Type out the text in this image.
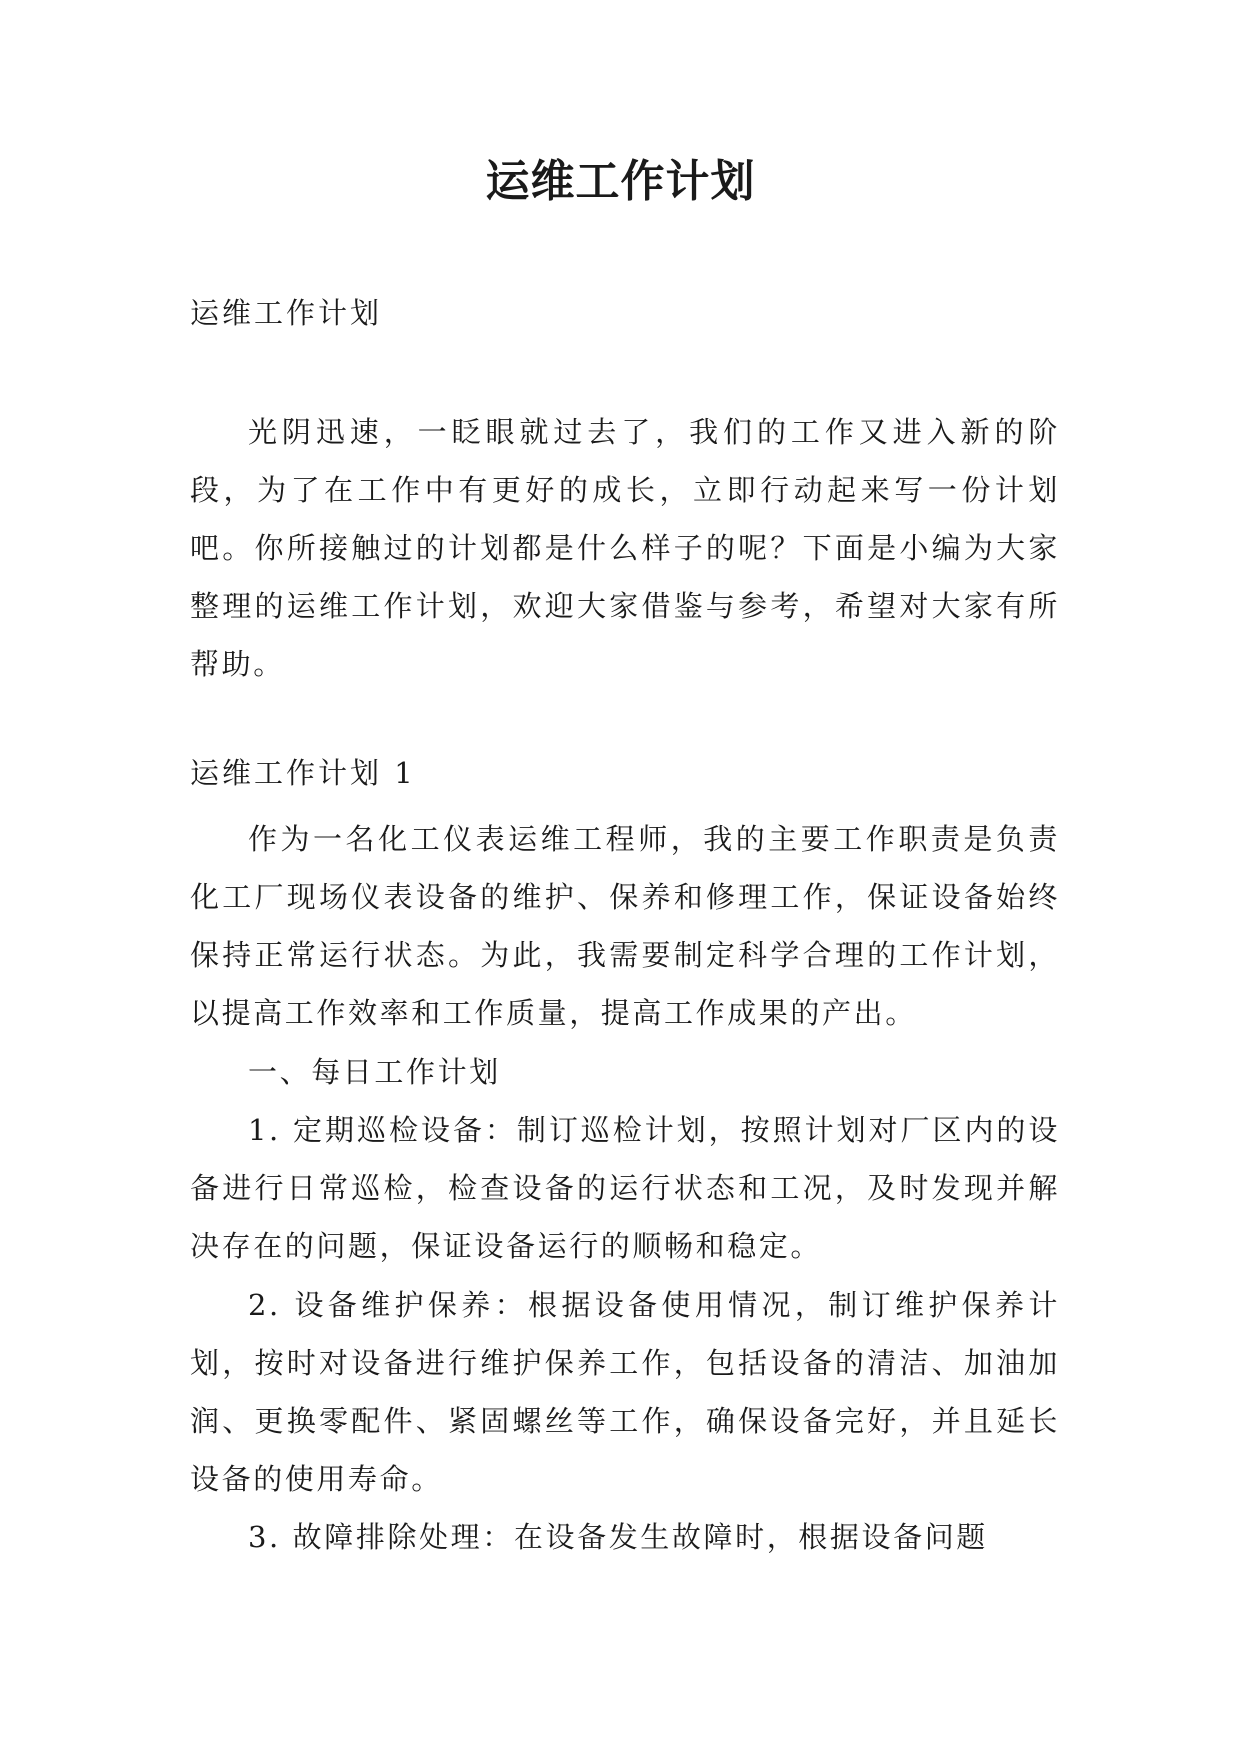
运维工作计划

运维工作计划

光阴迅速，一眨眼就过去了，我们的工作又进入新的阶段，为了在工作中有更好的成长，立即行动起来写一份计划吧。你所接触过的计划都是什么样子的呢？下面是小编为大家整理的运维工作计划，欢迎大家借鉴与参考，希望对大家有所帮助。

运维工作计划 1

作为一名化工仪表运维工程师，我的主要工作职责是负责化工厂现场仪表设备的维护、保养和修理工作，保证设备始终保持正常运行状态。为此，我需要制定科学合理的工作计划，以提高工作效率和工作质量，提高工作成果的产出。

一、每日工作计划

1. 定期巡检设备：制订巡检计划，按照计划对厂区内的设备进行日常巡检，检查设备的运行状态和工况，及时发现并解决存在的问题，保证设备运行的顺畅和稳定。

2. 设备维护保养：根据设备使用情况，制订维护保养计划，按时对设备进行维护保养工作，包括设备的清洁、加油加润、更换零配件、紧固螺丝等工作，确保设备完好，并且延长设备的使用寿命。

3. 故障排除处理：在设备发生故障时，根据设备问题
